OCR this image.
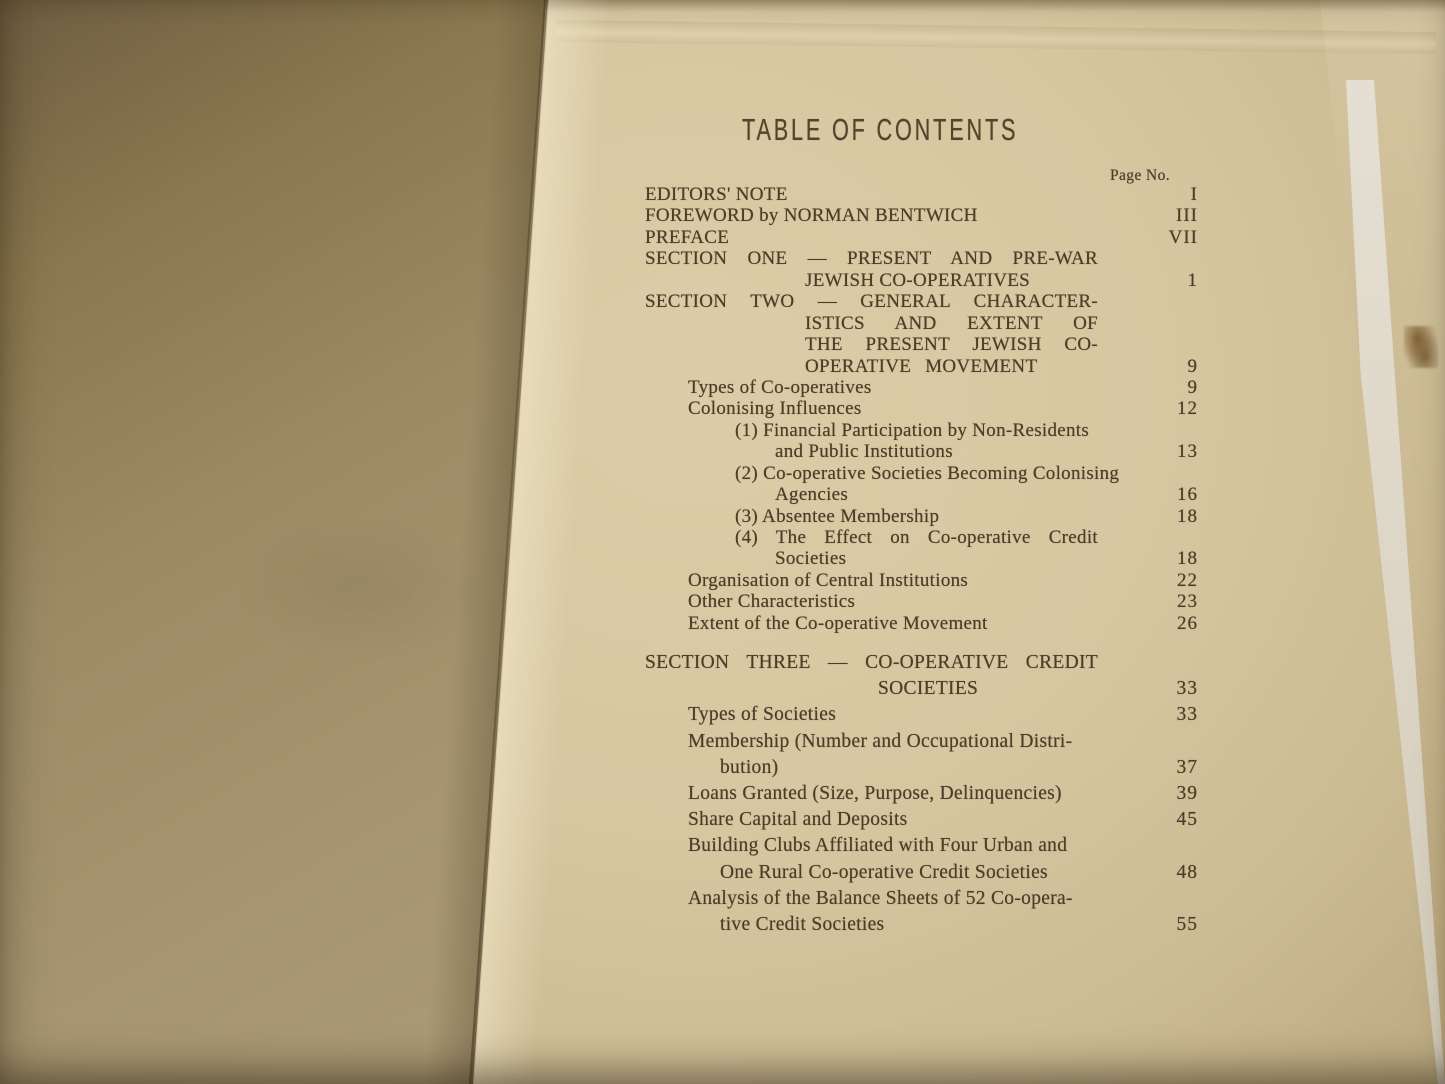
TABLE OF CONTENTS
Page No.
EDITORS' NOTE	I
FOREWORD by NORMAN BENTWICH	III
PREFACE	VII
SECTION ONE — PRESENT AND PRE-WAR
JEWISH CO-OPERATIVES	1
SECTION TWO — GENERAL CHARACTER-
ISTICS AND EXTENT OF
THE PRESENT JEWISH CO-
OPERATIVE MOVEMENT	9
Types of Co-operatives	9
Colonising Influences	12
(1) Financial Participation by Non-Residents
and Public Institutions	13
(2) Co-operative Societies Becoming Colonising
Agencies	16
(3) Absentee Membership	18
(4) The Effect on Co-operative Credit
Societies	18
Organisation of Central Institutions	22
Other Characteristics	23
Extent of the Co-operative Movement	26
SECTION THREE — CO-OPERATIVE CREDIT
SOCIETIES	33
Types of Societies	33
Membership (Number and Occupational Distri-
bution)	37
Loans Granted (Size, Purpose, Delinquencies)	39
Share Capital and Deposits	45
Building Clubs Affiliated with Four Urban and
One Rural Co-operative Credit Societies	48
Analysis of the Balance Sheets of 52 Co-opera-
tive Credit Societies	55
